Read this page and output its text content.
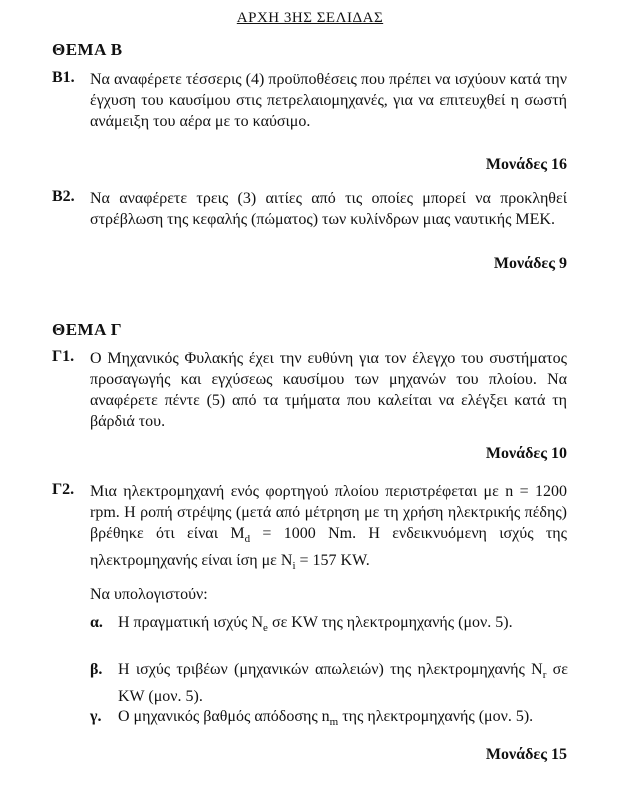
ΑΡΧΗ 3ΗΣ ΣΕΛΙΔΑΣ
ΘΕΜΑ Β
Β1. Να αναφέρετε τέσσερις (4) προϋποθέσεις που πρέπει να ισχύουν κατά την έγχυση του καυσίμου στις πετρελαιομηχανές, για να επιτευχθεί η σωστή ανάμειξη του αέρα με το καύσιμο.
Μονάδες 16
Β2. Να αναφέρετε τρεις (3) αιτίες από τις οποίες μπορεί να προκληθεί στρέβλωση της κεφαλής (πώματος) των κυλίνδρων μιας ναυτικής ΜΕΚ.
Μονάδες 9
ΘΕΜΑ Γ
Γ1. Ο Μηχανικός Φυλακής έχει την ευθύνη για τον έλεγχο του συστήματος προσαγωγής και εγχύσεως καυσίμου των μηχανών του πλοίου. Να αναφέρετε πέντε (5) από τα τμήματα που καλείται να ελέγξει κατά τη βάρδιά του.
Μονάδες 10
Γ2. Μια ηλεκτρομηχανή ενός φορτηγού πλοίου περιστρέφεται με n = 1200 rpm. Η ροπή στρέψης (μετά από μέτρηση με τη χρήση ηλεκτρικής πέδης) βρέθηκε ότι είναι $M_d = 1000$ Nm. Η ενδεικνυόμενη ισχύς της ηλεκτρομηχανής είναι ίση με $N_i = 157$ KW.
Να υπολογιστούν:
α. Η πραγματική ισχύς $N_e$ σε KW της ηλεκτρομηχανής (μον. 5).
β. Η ισχύς τριβέων (μηχανικών απωλειών) της ηλεκτρομηχανής $N_r$ σε KW (μον. 5).
γ. Ο μηχανικός βαθμός απόδοσης $n_m$ της ηλεκτρομηχανής (μον. 5).
Μονάδες 15
